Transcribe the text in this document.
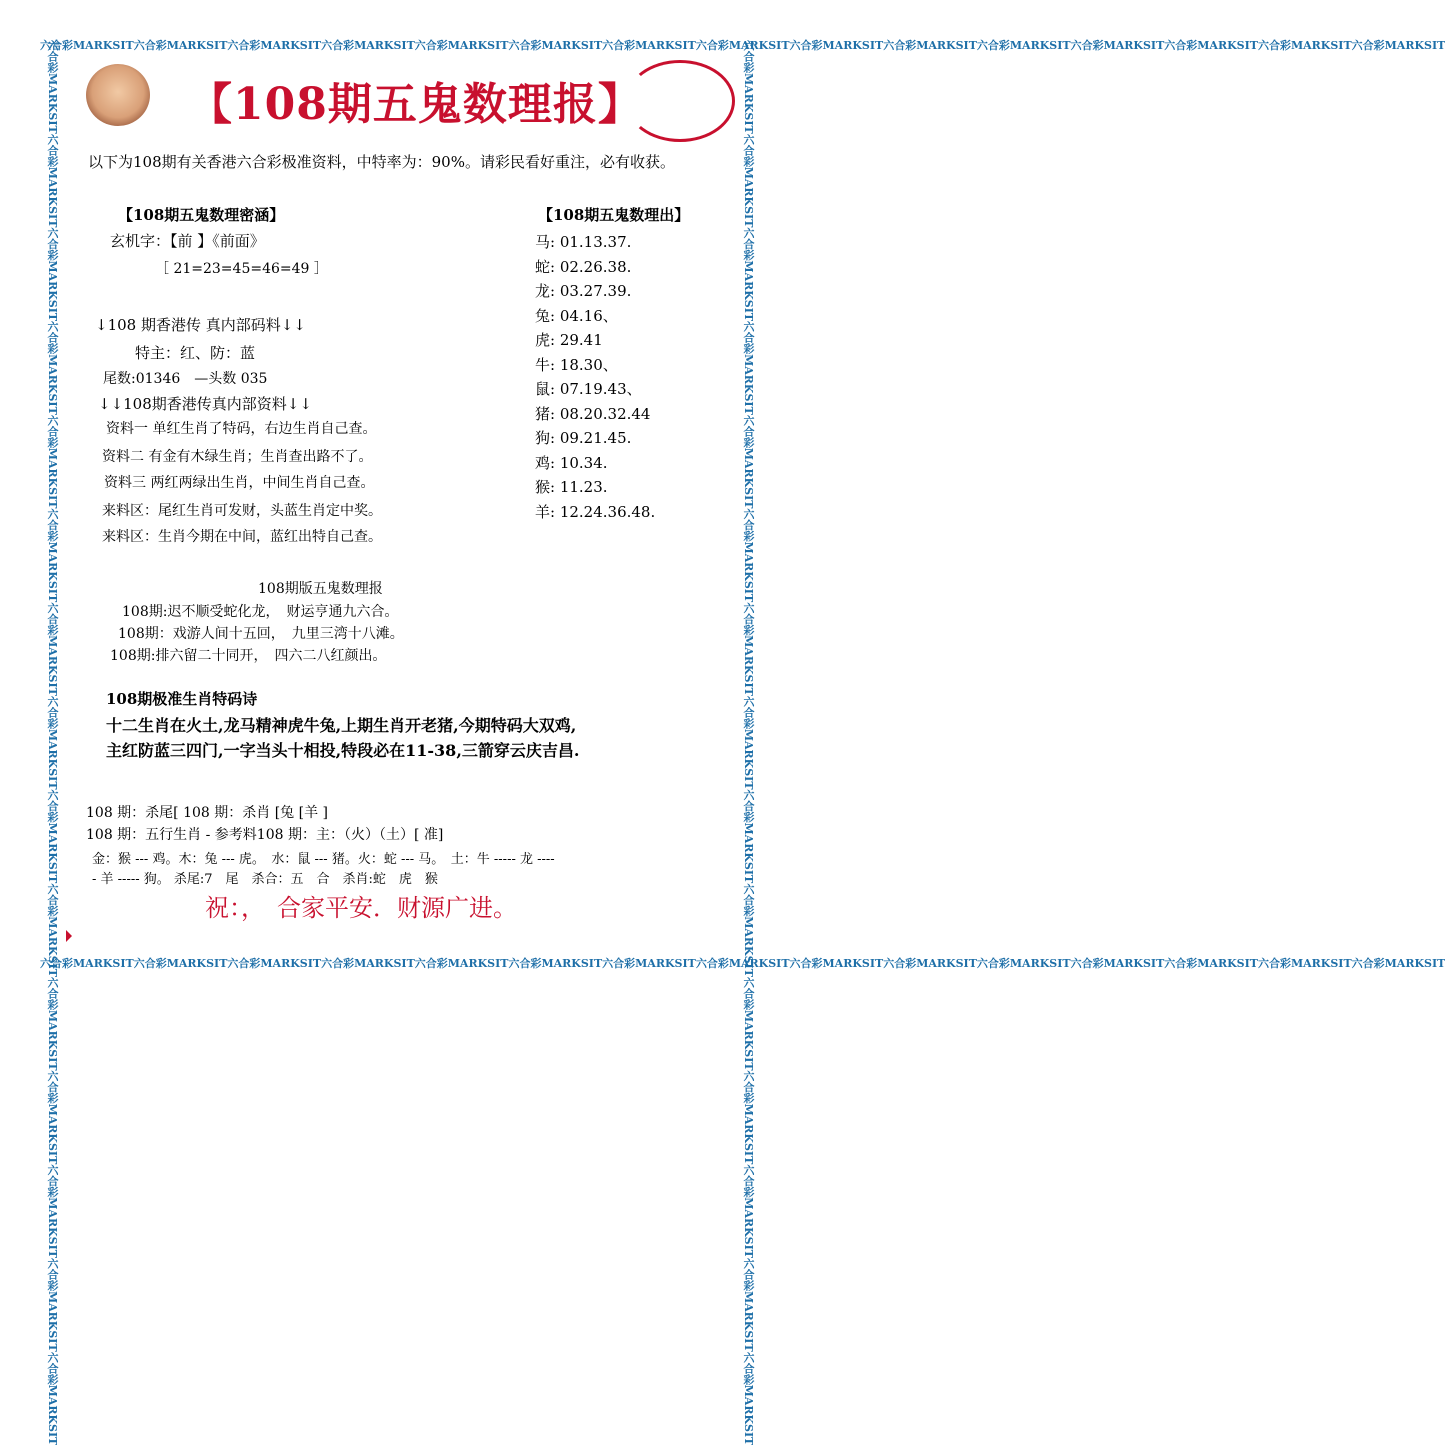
六合彩MARKSIT六合彩MARKSIT六合彩MARKSIT六合彩MARKSIT六合彩MARKSIT六合彩MARKSIT六合彩MARKSIT六合彩MARKSIT六合彩MARKSIT六合彩MARKSIT六合彩MARKSIT六合彩MARKSIT六合彩MARKSIT六合彩MARKSIT六合彩MARKSIT
六合彩MARKSIT六合彩MARKSIT六合彩MARKSIT六合彩MARKSIT六合彩MARKSIT六合彩MARKSIT六合彩MARKSIT六合彩MARKSIT六合彩MARKSIT六合彩MARKSIT六合彩MARKSIT六合彩MARKSIT六合彩MARKSIT六合彩MARKSIT六合彩MARKSIT
六合彩MARKSIT六合彩MARKSIT六合彩MARKSIT六合彩MARKSIT六合彩MARKSIT六合彩MARKSIT六合彩MARKSIT六合彩MARKSIT六合彩MARKSIT六合彩MARKSIT六合彩MARKSIT六合彩MARKSIT六合彩MARKSIT六合彩MARKSIT六合彩MARKSIT	六合彩MARKSIT六合彩MARKSIT六合彩MARKSIT六合彩MARKSIT六合彩MARKSIT六合彩MARKSIT六合彩MARKSIT六合彩MARKSIT六合彩MARKSIT六合彩MARKSIT六合彩MARKSIT六合彩MARKSIT六合彩MARKSIT六合彩MARKSIT六合彩MARKSIT
【108期五鬼数理报】
以下为108期有关香港六合彩极准资料，中特率为：90%。请彩民看好重注，必有收获。
【108期五鬼数理密涵】
玄机字：【前 】《前面》
［ 21=23=45=46=49 ］
↓108 期香港传 真内部码料↓↓
特主：红、防：蓝
尾数:01346　—头数 035
↓↓108期香港传真内部资料↓↓
资料一 单红生肖了特码，右边生肖自己查。
资料二 有金有木绿生肖；生肖查出路不了。
资料三 两红两绿出生肖，中间生肖自己查。
来料区：尾红生肖可发财，头蓝生肖定中奖。
来料区：生肖今期在中间，蓝红出特自己查。
【108期五鬼数理出】
马: 01.13.37.
蛇: 02.26.38.
龙: 03.27.39.
兔: 04.16、
虎: 29.41
牛: 18.30、
鼠: 07.19.43、
猪: 08.20.32.44
狗: 09.21.45.
鸡: 10.34.
猴: 11.23.
羊: 12.24.36.48.
108期版五鬼数理报
108期:迟不顺受蛇化龙，　财运亨通九六合。
108期：戏游人间十五回，　九里三湾十八滩。
108期:排六留二十同开，　四六二八红颜出。
108期极准生肖特码诗
十二生肖在火土,龙马精神虎牛兔,上期生肖开老猪,今期特码大双鸡,
主红防蓝三四门,一字当头十相投,特段必在11-38,三箭穿云庆吉昌.
108 期：杀尾[ 108 期：杀肖 [兔 [羊 ]
108 期：五行生肖 - 参考料108 期：主：（火）（土）[ 准]
金：猴 --- 鸡。木：兔 --- 虎。　水：鼠 --- 猪。火：蛇 --- 马。　土：牛 ----- 龙 ----
- 羊 ----- 狗。 杀尾:7　尾　杀合：五　合　杀肖:蛇　虎　猴
祝：，　合家平安．财源广进。
